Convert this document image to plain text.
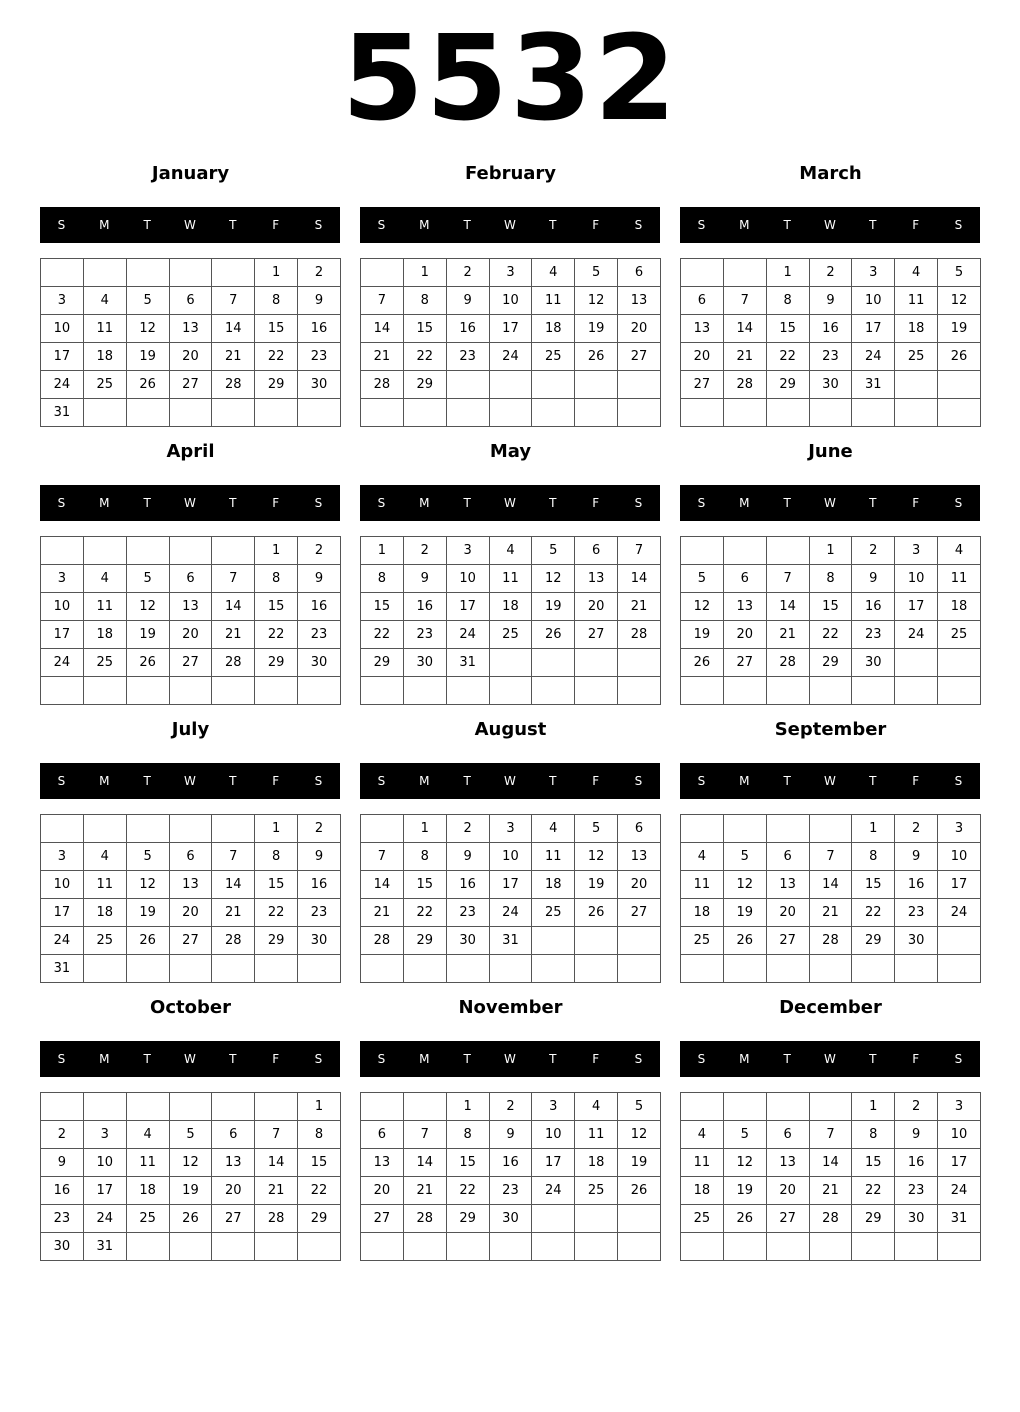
5532
January
S	M	T	W	T	F	S
					1	2
3	4	5	6	7	8	9
10	11	12	13	14	15	16
17	18	19	20	21	22	23
24	25	26	27	28	29	30
31						
February
S	M	T	W	T	F	S
	1	2	3	4	5	6
7	8	9	10	11	12	13
14	15	16	17	18	19	20
21	22	23	24	25	26	27
28	29					

March
S	M	T	W	T	F	S
		1	2	3	4	5
6	7	8	9	10	11	12
13	14	15	16	17	18	19
20	21	22	23	24	25	26
27	28	29	30	31		

April
S	M	T	W	T	F	S
					1	2
3	4	5	6	7	8	9
10	11	12	13	14	15	16
17	18	19	20	21	22	23
24	25	26	27	28	29	30

May
S	M	T	W	T	F	S
1	2	3	4	5	6	7
8	9	10	11	12	13	14
15	16	17	18	19	20	21
22	23	24	25	26	27	28
29	30	31				

June
S	M	T	W	T	F	S
			1	2	3	4
5	6	7	8	9	10	11
12	13	14	15	16	17	18
19	20	21	22	23	24	25
26	27	28	29	30		

July
S	M	T	W	T	F	S
					1	2
3	4	5	6	7	8	9
10	11	12	13	14	15	16
17	18	19	20	21	22	23
24	25	26	27	28	29	30
31						
August
S	M	T	W	T	F	S
	1	2	3	4	5	6
7	8	9	10	11	12	13
14	15	16	17	18	19	20
21	22	23	24	25	26	27
28	29	30	31			

September
S	M	T	W	T	F	S
				1	2	3
4	5	6	7	8	9	10
11	12	13	14	15	16	17
18	19	20	21	22	23	24
25	26	27	28	29	30	

October
S	M	T	W	T	F	S
						1
2	3	4	5	6	7	8
9	10	11	12	13	14	15
16	17	18	19	20	21	22
23	24	25	26	27	28	29
30	31					
November
S	M	T	W	T	F	S
		1	2	3	4	5
6	7	8	9	10	11	12
13	14	15	16	17	18	19
20	21	22	23	24	25	26
27	28	29	30			

December
S	M	T	W	T	F	S
				1	2	3
4	5	6	7	8	9	10
11	12	13	14	15	16	17
18	19	20	21	22	23	24
25	26	27	28	29	30	31
